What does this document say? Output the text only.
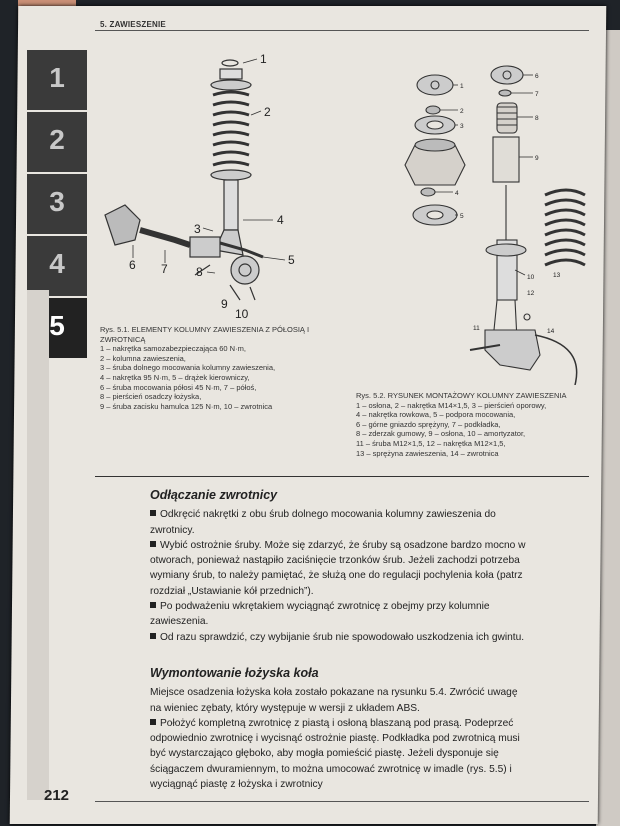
5. ZAWIESZENIE
1
2
3
4
5
1
2
3
4
5
6 7 8
9
10
Rys. 5.1. ELEMENTY KOLUMNY ZAWIESZENIA Z PÓŁOSIĄ I ZWROTNICĄ
1 – nakrętka samozabezpieczająca 60 N·m,
2 – kolumna zawieszenia,
3 – śruba dolnego mocowania kolumny zawieszenia,
4 – nakrętka 95 N·m, 5 – drążek kierowniczy,
6 – śruba mocowania półosi 45 N·m, 7 – półoś,
8 – pierścień osadczy łożyska,
9 – śruba zacisku hamulca 125 N·m, 10 – zwrotnica
1
2
3
4
5
6
7
8
9
10
11
12
13
14
Rys. 5.2. RYSUNEK MONTAŻOWY KOLUMNY ZAWIESZENIA
1 – osłona, 2 – nakrętka M14×1,5, 3 – pierścień oporowy,
4 – nakrętka rowkowa, 5 – podpora mocowania,
6 – górne gniazdo sprężyny, 7 – podkładka,
8 – zderzak gumowy, 9 – osłona, 10 – amortyzator,
11 – śruba M12×1,5, 12 – nakrętka M12×1,5,
13 – sprężyna zawieszenia, 14 – zwrotnica
Odłączanie zwrotnicy

Odkręcić nakrętki z obu śrub dolnego mocowania kolumny zawieszenia do zwrotnicy.

Wybić ostrożnie śruby. Może się zdarzyć, że śruby są osadzone bardzo mocno w otworach, ponieważ nastąpiło zaciśnięcie trzonków śrub. Jeżeli zachodzi potrzeba wymiany śrub, to należy pamiętać, że służą one do regulacji pochylenia koła (patrz rozdział „Ustawianie kół przednich”).

Po podważeniu wkrętakiem wyciągnąć zwrotnicę z obejmy przy kolumnie zawieszenia.

Od razu sprawdzić, czy wybijanie śrub nie spowodowało uszkodzenia ich gwintu.

Wymontowanie łożyska koła

Miejsce osadzenia łożyska koła zostało pokazane na rysunku 5.4. Zwrócić uwagę na wieniec zębaty, który występuje w wersji z układem ABS.

Położyć kompletną zwrotnicę z piastą i osłoną blaszaną pod prasą. Podeprzeć odpowiednio zwrotnicę i wycisnąć ostrożnie piastę. Podkładka pod zwrotnicą musi być wystarczająco głęboko, aby mogła pomieścić piastę. Jeżeli dysponuje się ściągaczem dwuramiennym, to można umocować zwrotnicę w imadle (rys. 5.5) i wyciągnąć piastę z łożyska i zwrotnicy

212
